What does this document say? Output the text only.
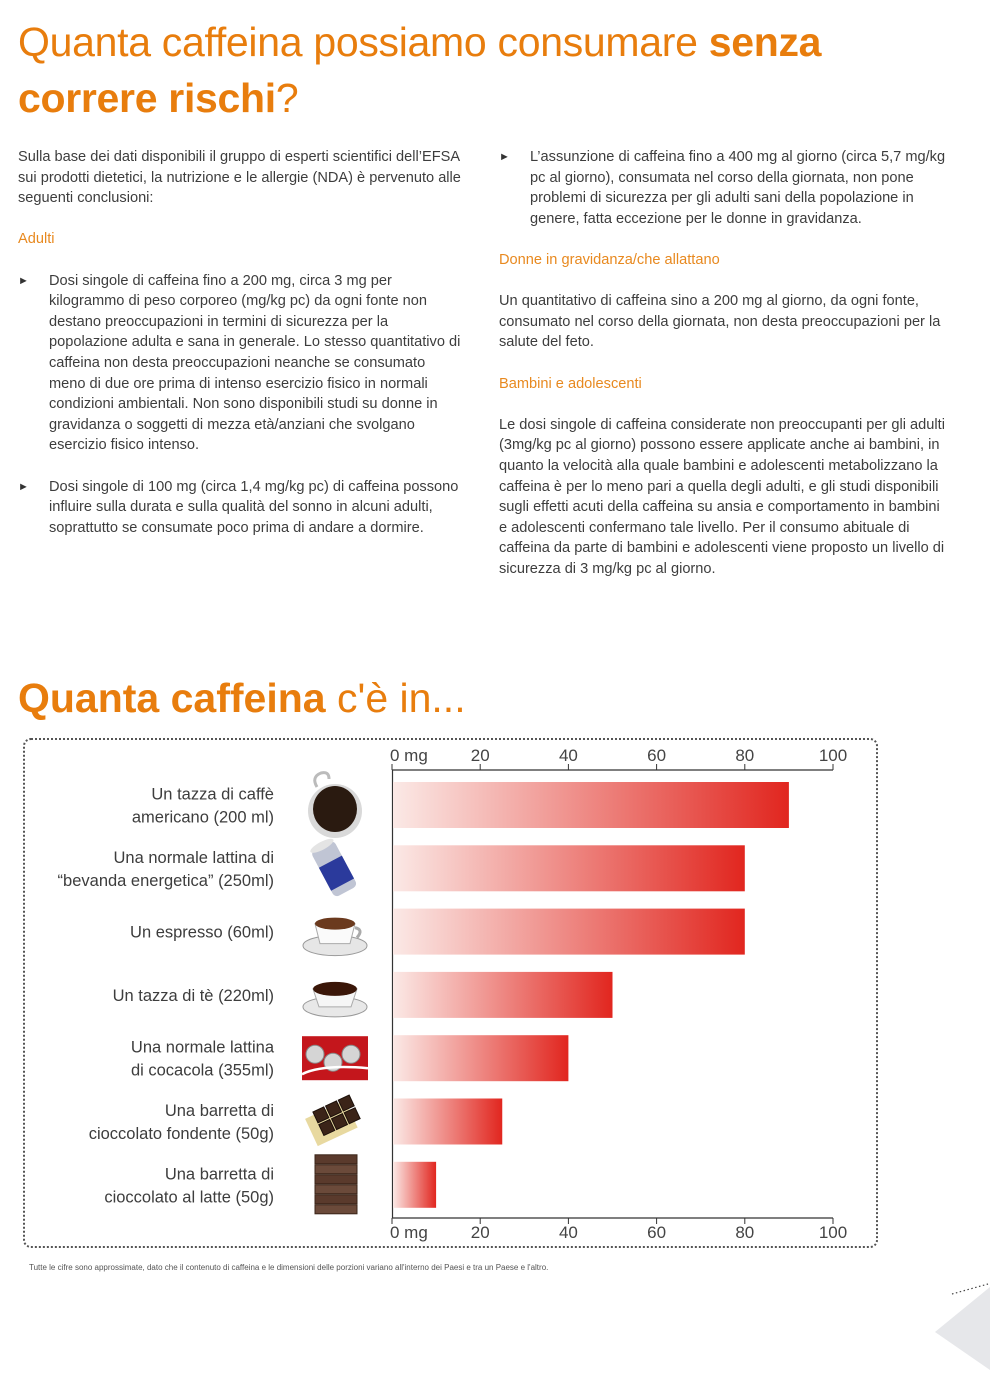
Quanta caffeina possiamo consumare senza
correre rischi?

Sulla base dei dati disponibili il gruppo di esperti scientifici dell’EFSA sui prodotti dietetici, la nutrizione e le allergie (NDA) è pervenuto alle seguenti conclusioni:

Adulti
► Dosi singole di caffeina fino a 200 mg, circa 3 mg per kilogrammo di peso corporeo (mg/kg pc) da ogni fonte non destano preoccupazioni in termini di sicurezza per la popolazione adulta e sana in generale. Lo stesso quantitativo di caffeina non desta preoccupazioni neanche se consumato meno di due ore prima di intenso esercizio fisico in normali condizioni ambientali. Non sono disponibili studi su donne in gravidanza o soggetti di mezza età/anziani che svolgano esercizio fisico intenso.
► Dosi singole di 100 mg (circa 1,4 mg/kg pc) di caffeina possono influire sulla durata e sulla qualità del sonno in alcuni adulti, soprattutto se consumate poco prima di andare a dormire.
► L’assunzione di caffeina fino a 400 mg al giorno (circa 5,7 mg/kg pc al giorno), consumata nel corso della giornata, non pone problemi di sicurezza per gli adulti sani della popolazione in genere, fatta eccezione per le donne in gravidanza.
Donne in gravidanza/che allattano

Un quantitativo di caffeina sino a 200 mg al giorno, da ogni fonte, consumato nel corso della giornata, non desta preoccupazioni per la salute del feto.

Bambini e adolescenti

Le dosi singole di caffeina considerate non preoccupanti per gli adulti (3mg/kg pc al giorno) possono essere applicate anche ai bambini, in quanto la velocità alla quale bambini e adolescenti metabolizzano la caffeina è per lo meno pari a quella degli adulti, e gli studi disponibili sugli effetti acuti della caffeina su ansia e comportamento in bambini e adolescenti confermano tale livello. Per il consumo abituale di caffeina da parte di bambini e adolescenti viene proposto un livello di sicurezza di 3 mg/kg pc al giorno.

Quanta caffeina c'è in...
0 mg
0 mg
20
20
40
40
60
60
80
80
100
100
Un tazza di caffè
americano (200 ml)
Una normale lattina di
“bevanda energetica” (250ml)
Un espresso (60ml)
Un tazza di tè (220ml)
Una normale lattina
di cocacola (355ml)
Una barretta di
cioccolato fondente (50g)
Una barretta di
cioccolato al latte (50g)
Tutte le cifre sono approssimate, dato che il contenuto di caffeina e le dimensioni delle porzioni variano all'interno dei Paesi e tra un Paese e l'altro.
